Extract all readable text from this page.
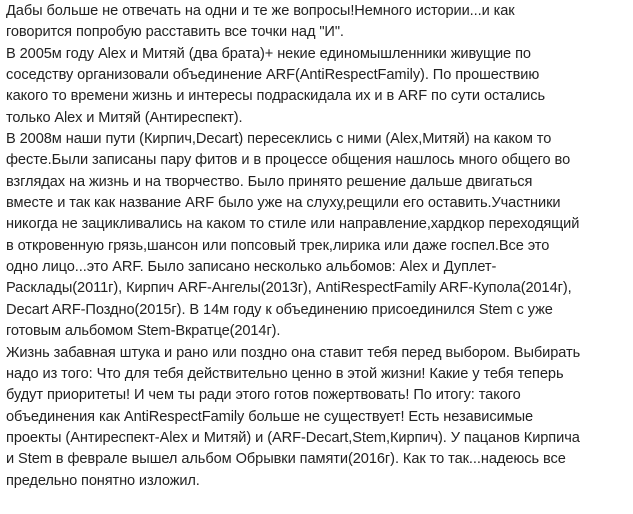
Дабы больше не отвечать на одни и те же вопросы!Немного истории...и как
говорится попробую расставить все точки над "И".
В 2005м году Alex и Митяй (два брата)+ некие единомышленники живущие по
соседству организовали объединение ARF(AntiRespectFamily). По прошествию
какого то времени жизнь и интересы подраскидала их и в ARF по сути остались
только Alex и Митяй (Антиреспект).
В 2008м наши пути (Кирпич,Decart) пересеклись с ними (Alex,Митяй) на каком то
фесте.Были записаны пару фитов и в процессе общения нашлось много общего во
взглядах на жизнь и на творчество. Было принято решение дальше двигаться
вместе и так как название ARF было уже на слуху,рещили его оставить.Участники
никогда не зацикливались на каком то стиле или направление,хардкор переходящий
в откровенную грязь,шансон или попсовый трек,лирика или даже госпел.Все это
одно лицо...это ARF. Было записано несколько альбомов: Alex и Дуплет-
Расклады(2011г), Кирпич ARF-Ангелы(2013г), AntiRespectFamily ARF-Купола(2014г),
Decart ARF-Поздно(2015г). В 14м году к объединению присоединился Stem с уже
готовым альбомом Stem-Вкратце(2014г).
Жизнь забавная штука и рано или поздно она ставит тебя перед выбором. Выбирать
надо из того: Что для тебя действительно ценно в этой жизни! Какие у тебя теперь
будут приоритеты! И чем ты ради этого готов пожертвовать! По итогу: такого
объединения как AntiRespectFamily больше не существует! Есть независимые
проекты (Антиреспект-Alex и Митяй) и (ARF-Decart,Stem,Кирпич). У пацанов Кирпича
и Stem в феврале вышел альбом Обрывки памяти(2016г). Как то так...надеюсь все
предельно понятно изложил.
